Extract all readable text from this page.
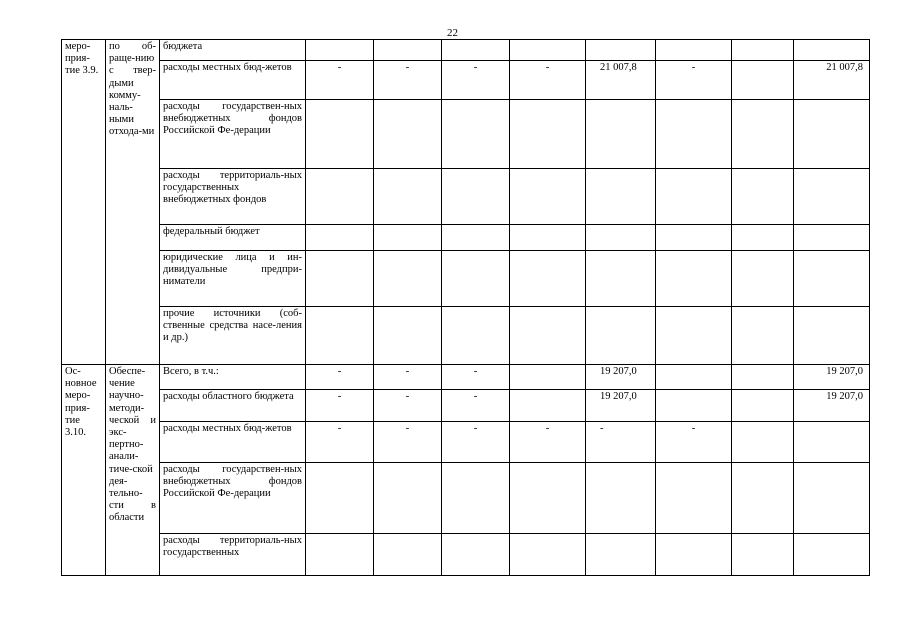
22
меро-прия-тие 3.9.	по об-раще-нию с твер-дыми комму-наль-ными отхода-ми	бюджета								
		расходы местных бюд-жетов	-	-	-	-	21 007,8	-		21 007,8
		расходы государствен-ных внебюджетных фондов Российской Фе-дерации								
		расходы территориаль-ных государственных внебюджетных фондов								
		федеральный бюджет								
		юридические лица и ин-дивидуальные предпри-ниматели								
		прочие источники (соб-ственные средства насе-ления и др.)								
Ос-новное меро-прия-тие 3.10.	Обеспе-чение научно-методи-ческой и экс-пертно-анали-тиче-ской дея-тельно-сти в области	Всего, в т.ч.:	-	-	-		19 207,0			19 207,0
		расходы областного бюджета	-	-	-		19 207,0			19 207,0
		расходы местных бюд-жетов	-	-	-	-	-	-		
		расходы государствен-ных внебюджетных фондов Российской Фе-дерации								
		расходы территориаль-ных государственных								
